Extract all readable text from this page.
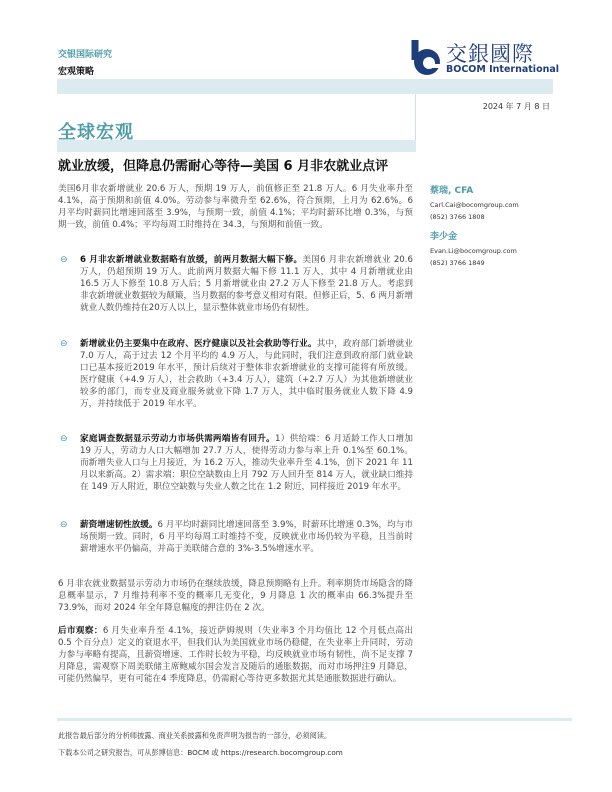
交银国际研究
宏观策略
交銀國際
BOCOM International
2024 年 7 月 8 日
全球宏观
就业放缓，但降息仍需耐心等待—美国 6 月非农就业点评
蔡瑞, CFA
Carl.Cai@bocomgroup.com
(852) 3766 1808
李少金
Evan.Li@bocomgroup.com
(852) 3766 1849
美国6月非农新增就业 20.6 万人，预期 19 万人，前值修正至 21.8 万人。6 月失业率升至 4.1%，高于预期和前值 4.0%。劳动参与率微升至 62.6%，符合预期，上月为 62.6%。6 月平均时薪同比增速回落至 3.9%，与预期一致，前值 4.1%；平均时薪环比增 0.3%，与预期一致，前值 0.4%；平均每周工时维持在 34.3，与预期和前值一致。
⊖ 6 月非农新增就业数据略有放缓，前两月数据大幅下修。美国6 月非农新增就业 20.6 万人，仍超预期 19 万人。此前两月数据大幅下修 11.1 万人，其中 4 月新增就业由 16.5 万人下修至 10.8 万人后；5 月新增就业由 27.2 万人下修至 21.8 万人。考虑到非农新增就业数据较为颠簸，当月数据的参考意义相对有限。但修正后，5、6 两月新增就业人数仍维持在20万人以上，显示整体就业市场仍有韧性。
⊖ 新增就业仍主要集中在政府、医疗健康以及社会救助等行业。其中，政府部门新增就业 7.0 万人，高于过去 12 个月平均的 4.9 万人，与此同时，我们注意到政府部门就业缺口已基本接近2019 年水平，预计后续对于整体非农新增就业的支撑可能将有所放缓。医疗健康（+4.9 万人），社会救助（+3.4 万人），建筑（+2.7 万人）为其他新增就业较多的部门，而专业及商业服务就业下降 1.7 万人，其中临时服务就业人数下降 4.9 万，并持续低于 2019 年水平。
⊖ 家庭调查数据显示劳动力市场供需两端皆有回升。1）供给端：6 月适龄工作人口增加 19 万人，劳动力人口大幅增加 27.7 万人，使得劳动力参与率上升 0.1%至 60.1%。而新增失业人口与上月接近，为 16.2 万人，推动失业率升至 4.1%，创下 2021 年 11 月以来新高。2）需求端：职位空缺数由上月 792 万人回升至 814 万人，就业缺口维持在 149 万人附近，职位空缺数与失业人数之比在 1.2 附近，同样接近 2019 年水平。
⊖ 薪资增速韧性放缓。6 月平均时薪同比增速回落至 3.9%，时薪环比增速 0.3%，均与市场预期一致。同时，6 月平均每周工时维持不变，反映就业市场仍较为平稳，且当前时薪增速水平仍偏高，并高于美联储合意的 3%-3.5%增速水平。
6 月非农就业数据显示劳动力市场仍在继续放缓，降息预期略有上升。利率期货市场隐含的降息概率显示，7 月维持利率不变的概率几无变化，9 月降息 1 次的概率由 66.3%提升至 73.9%，而对 2024 年全年降息幅度的押注仍在 2 次。
后市观察：6 月失业率升至 4.1%，接近萨姆规则（失业率3 个月均值比 12 个月低点高出 0.5 个百分点）定义的衰退水平，但我们认为美国就业市场仍稳健，在失业率上升同时，劳动力参与率略有提高，且薪资增速、工作时长较为平稳，均反映就业市场有韧性，尚不足支撑 7 月降息，需观察下周美联储主席鲍威尔国会发言及随后的通胀数据，而对市场押注9 月降息，可能仍然偏早，更有可能在4 季度降息，仍需耐心等待更多数据尤其是通胀数据进行确认。
此报告最后部分的分析师披露、商业关系披露和免责声明为报告的一部分，必须阅读。
下载本公司之研究报告，可从彭博信息：BOCM 或 https://research.bocomgroup.com
